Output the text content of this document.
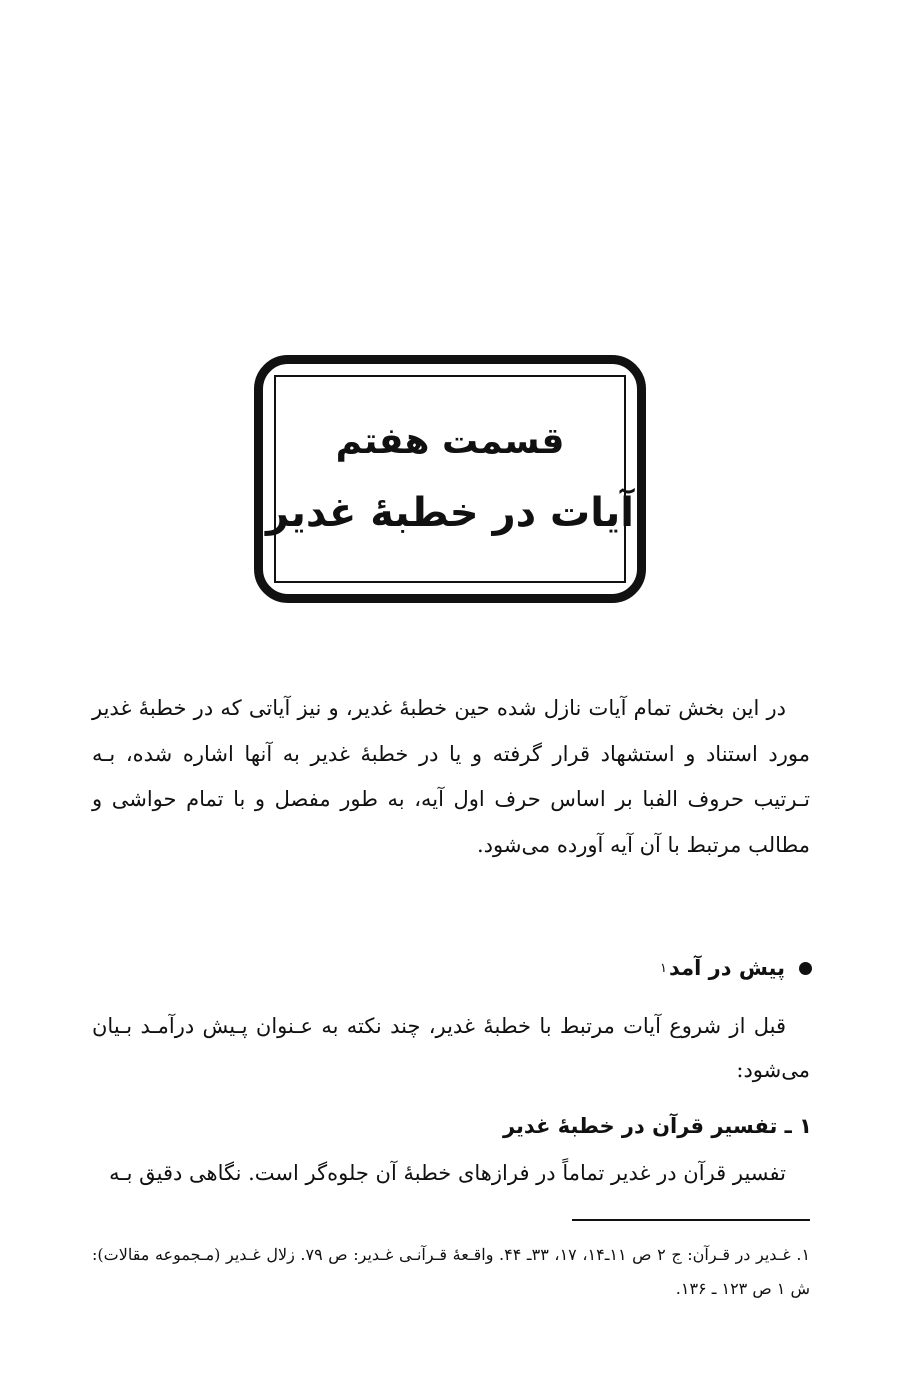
قسمت هفتم
آیات در خطبهٔ غدیر

در این بخش تمام آیات نازل شده حین خطبهٔ غدیر، و نیز آیاتی که در خطبهٔ غدیر مورد استناد و استشهاد قرار گرفته و یا در خطبهٔ غدیر به آنها اشاره شده، بـه تـرتیب حروف الفبا بر اساس حرف اول آیه، به طور مفصل و با تمام حواشی و مطالب مرتبط با آن آیه آورده می‌شود.

پیش در آمد
۱

قبل از شروع آیات مرتبط با خطبهٔ غدیر، چند نکته به عـنوان پـیش درآمـد بـیان می‌شود:

۱ ـ تفسیر قرآن در خطبهٔ غدیر

تفسیر قرآن در غدیر تماماً در فرازهای خطبهٔ آن جلوه‌گر است. نگاهی دقیق بـه

۱. غـدیر در قـرآن: ج ۲ ص ۱۱ـ۱۴، ۱۷، ۳۳ـ ۴۴. واقـعهٔ قـرآنـی غـدیر: ص ۷۹. زلال غـدیر (مـجموعه مقالات): ش ۱ ص ۱۲۳ ـ ۱۳۶.
